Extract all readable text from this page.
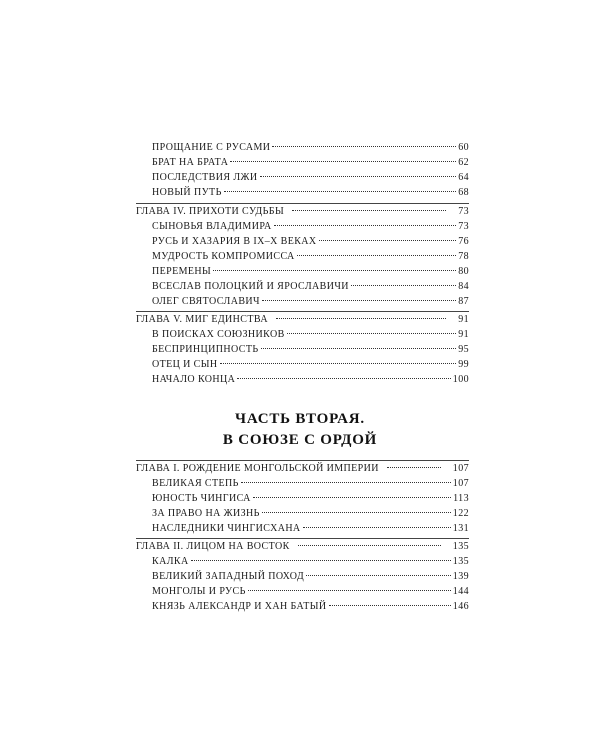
ПРОЩАНИЕ С РУСАМИ	60
БРАТ НА БРАТА	62
ПОСЛЕДСТВИЯ ЛЖИ	64
НОВЫЙ ПУТЬ	68
ГЛАВА IV. ПРИХОТИ СУДЬБЫ	73
СЫНОВЬЯ ВЛАДИМИРА	73
РУСЬ И ХАЗАРИЯ В IX–X ВЕКАХ	76
МУДРОСТЬ КОМПРОМИССА	78
ПЕРЕМЕНЫ	80
ВСЕСЛАВ ПОЛОЦКИЙ И ЯРОСЛАВИЧИ	84
ОЛЕГ СВЯТОСЛАВИЧ	87
ГЛАВА V. МИГ ЕДИНСТВА	91
В ПОИСКАХ СОЮЗНИКОВ	91
БЕСПРИНЦИПНОСТЬ	95
ОТЕЦ И СЫН	99
НАЧАЛО КОНЦА	100
ЧАСТЬ ВТОРАЯ.
В СОЮЗЕ С ОРДОЙ
ГЛАВА I. РОЖДЕНИЕ МОНГОЛЬСКОЙ ИМПЕРИИ	107
ВЕЛИКАЯ СТЕПЬ	107
ЮНОСТЬ ЧИНГИСА	113
ЗА ПРАВО НА ЖИЗНЬ	122
НАСЛЕДНИКИ ЧИНГИСХАНА	131
ГЛАВА II. ЛИЦОМ НА ВОСТОК	135
КАЛКА	135
ВЕЛИКИЙ ЗАПАДНЫЙ ПОХОД	139
МОНГОЛЫ И РУСЬ	144
КНЯЗЬ АЛЕКСАНДР И ХАН БАТЫЙ	146
